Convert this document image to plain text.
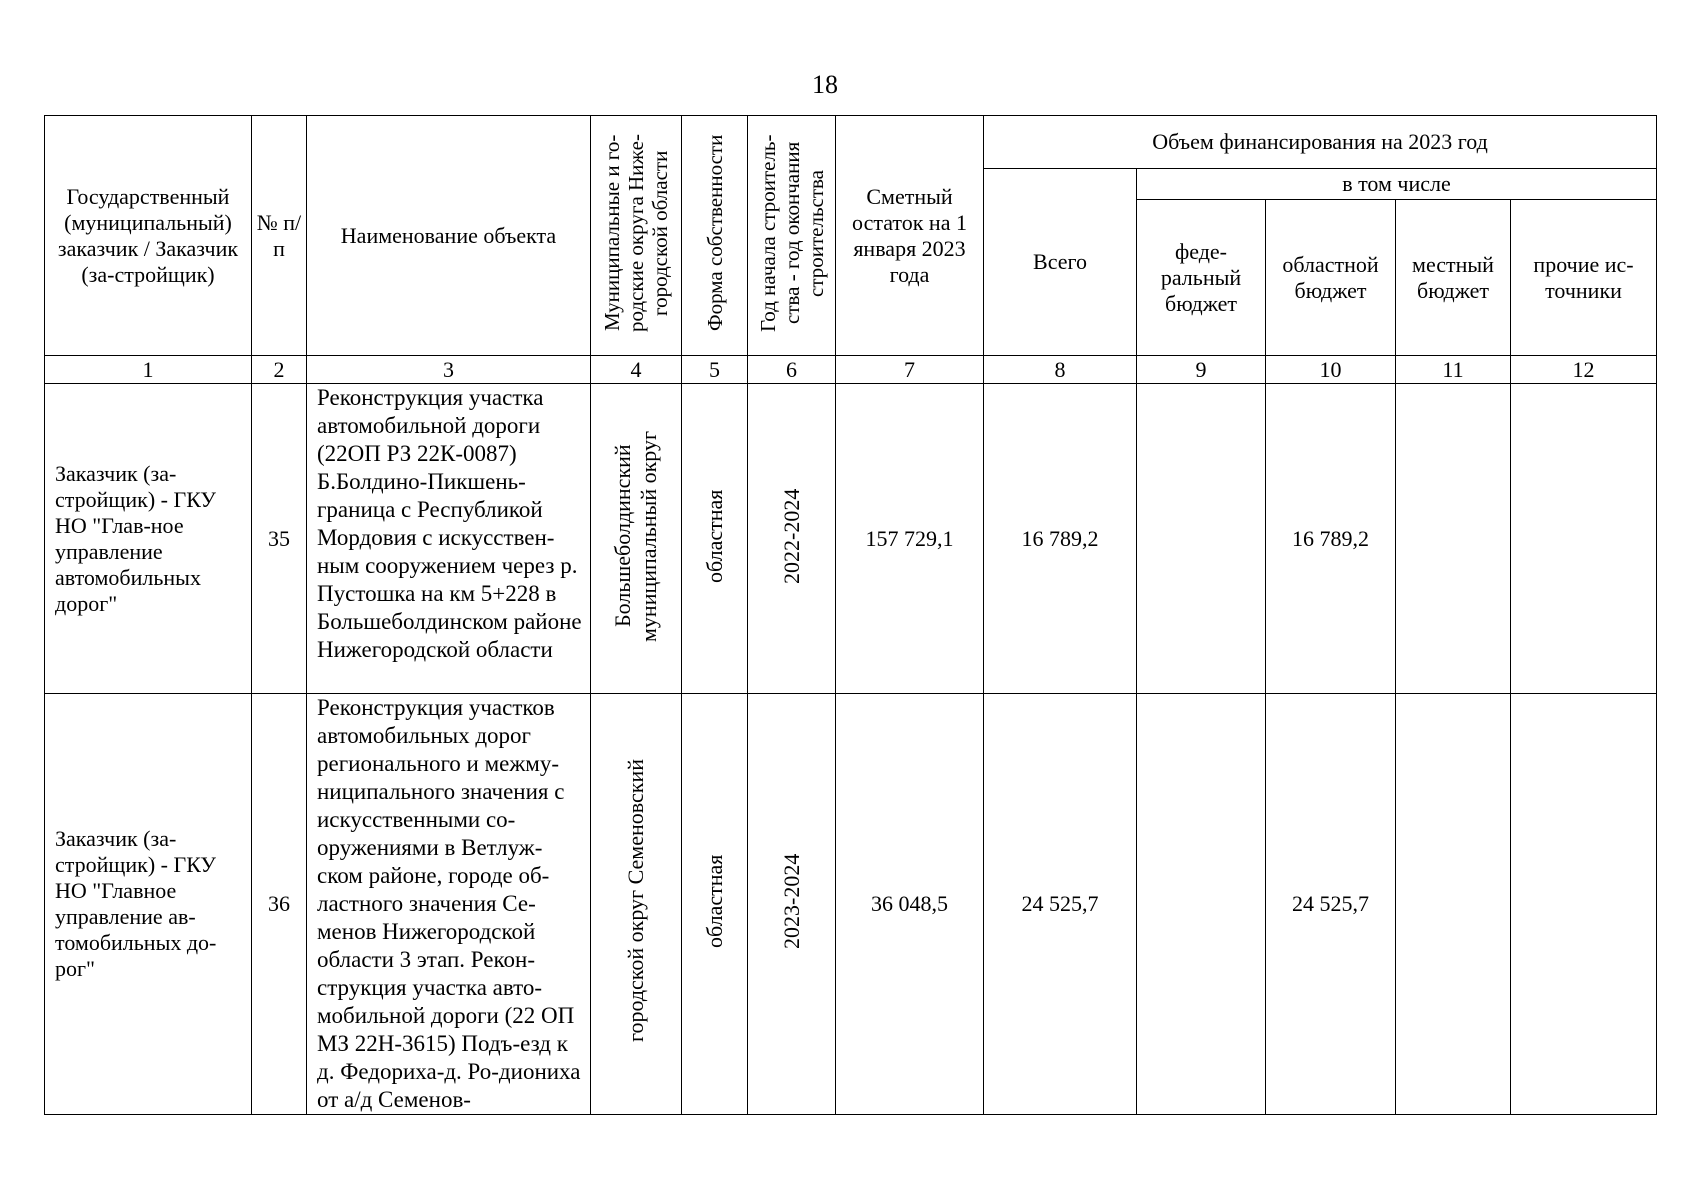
18
Государственный (муниципальный) заказчик / Заказчик (за-стройщик)	№ п/п	Наименование объекта	Муниципальные и го-родские округа Ниже-городской области	Форма собственности	Год начала строитель-ства - год окончания строительства	Сметный остаток на 1 января 2023 года	Объем финансирования на 2023 год				
							Всего	в том числе			
								феде-ральный бюджет	областной бюджет	местный бюджет	прочие ис-точники
1	2	3	4	5	6	7	8	9	10	11	12
Заказчик (за-стройщик) - ГКУ НО "Глав-ное управление автомобильных дорог"	35	Реконструкция участка автомобильной дороги (22ОП РЗ 22К-0087) Б.Болдино-Пикшень-граница с Республикой Мордовия с искусствен-ным сооружением через р. Пустошка на км 5+228 в Большеболдинском районе Нижегородской области	Большеболдинский муниципальный округ	областная	2022-2024	157 729,1	16 789,2		16 789,2		
Заказчик (за-стройщик) - ГКУ НО "Главное управление ав-томобильных до-рог"	36	Реконструкция участков автомобильных дорог регионального и межму-ниципального значения с искусственными со-оружениями в Ветлуж-ском районе, городе об-ластного значения Се-менов Нижегородской области 3 этап. Рекон-струкция участка авто-мобильной дороги (22 ОП МЗ 22Н-3615) Подъ-езд к д. Федориха-д. Ро-диониха от а/д Семенов-	городской округ Семеновский	областная	2023-2024	36 048,5	24 525,7		24 525,7		
